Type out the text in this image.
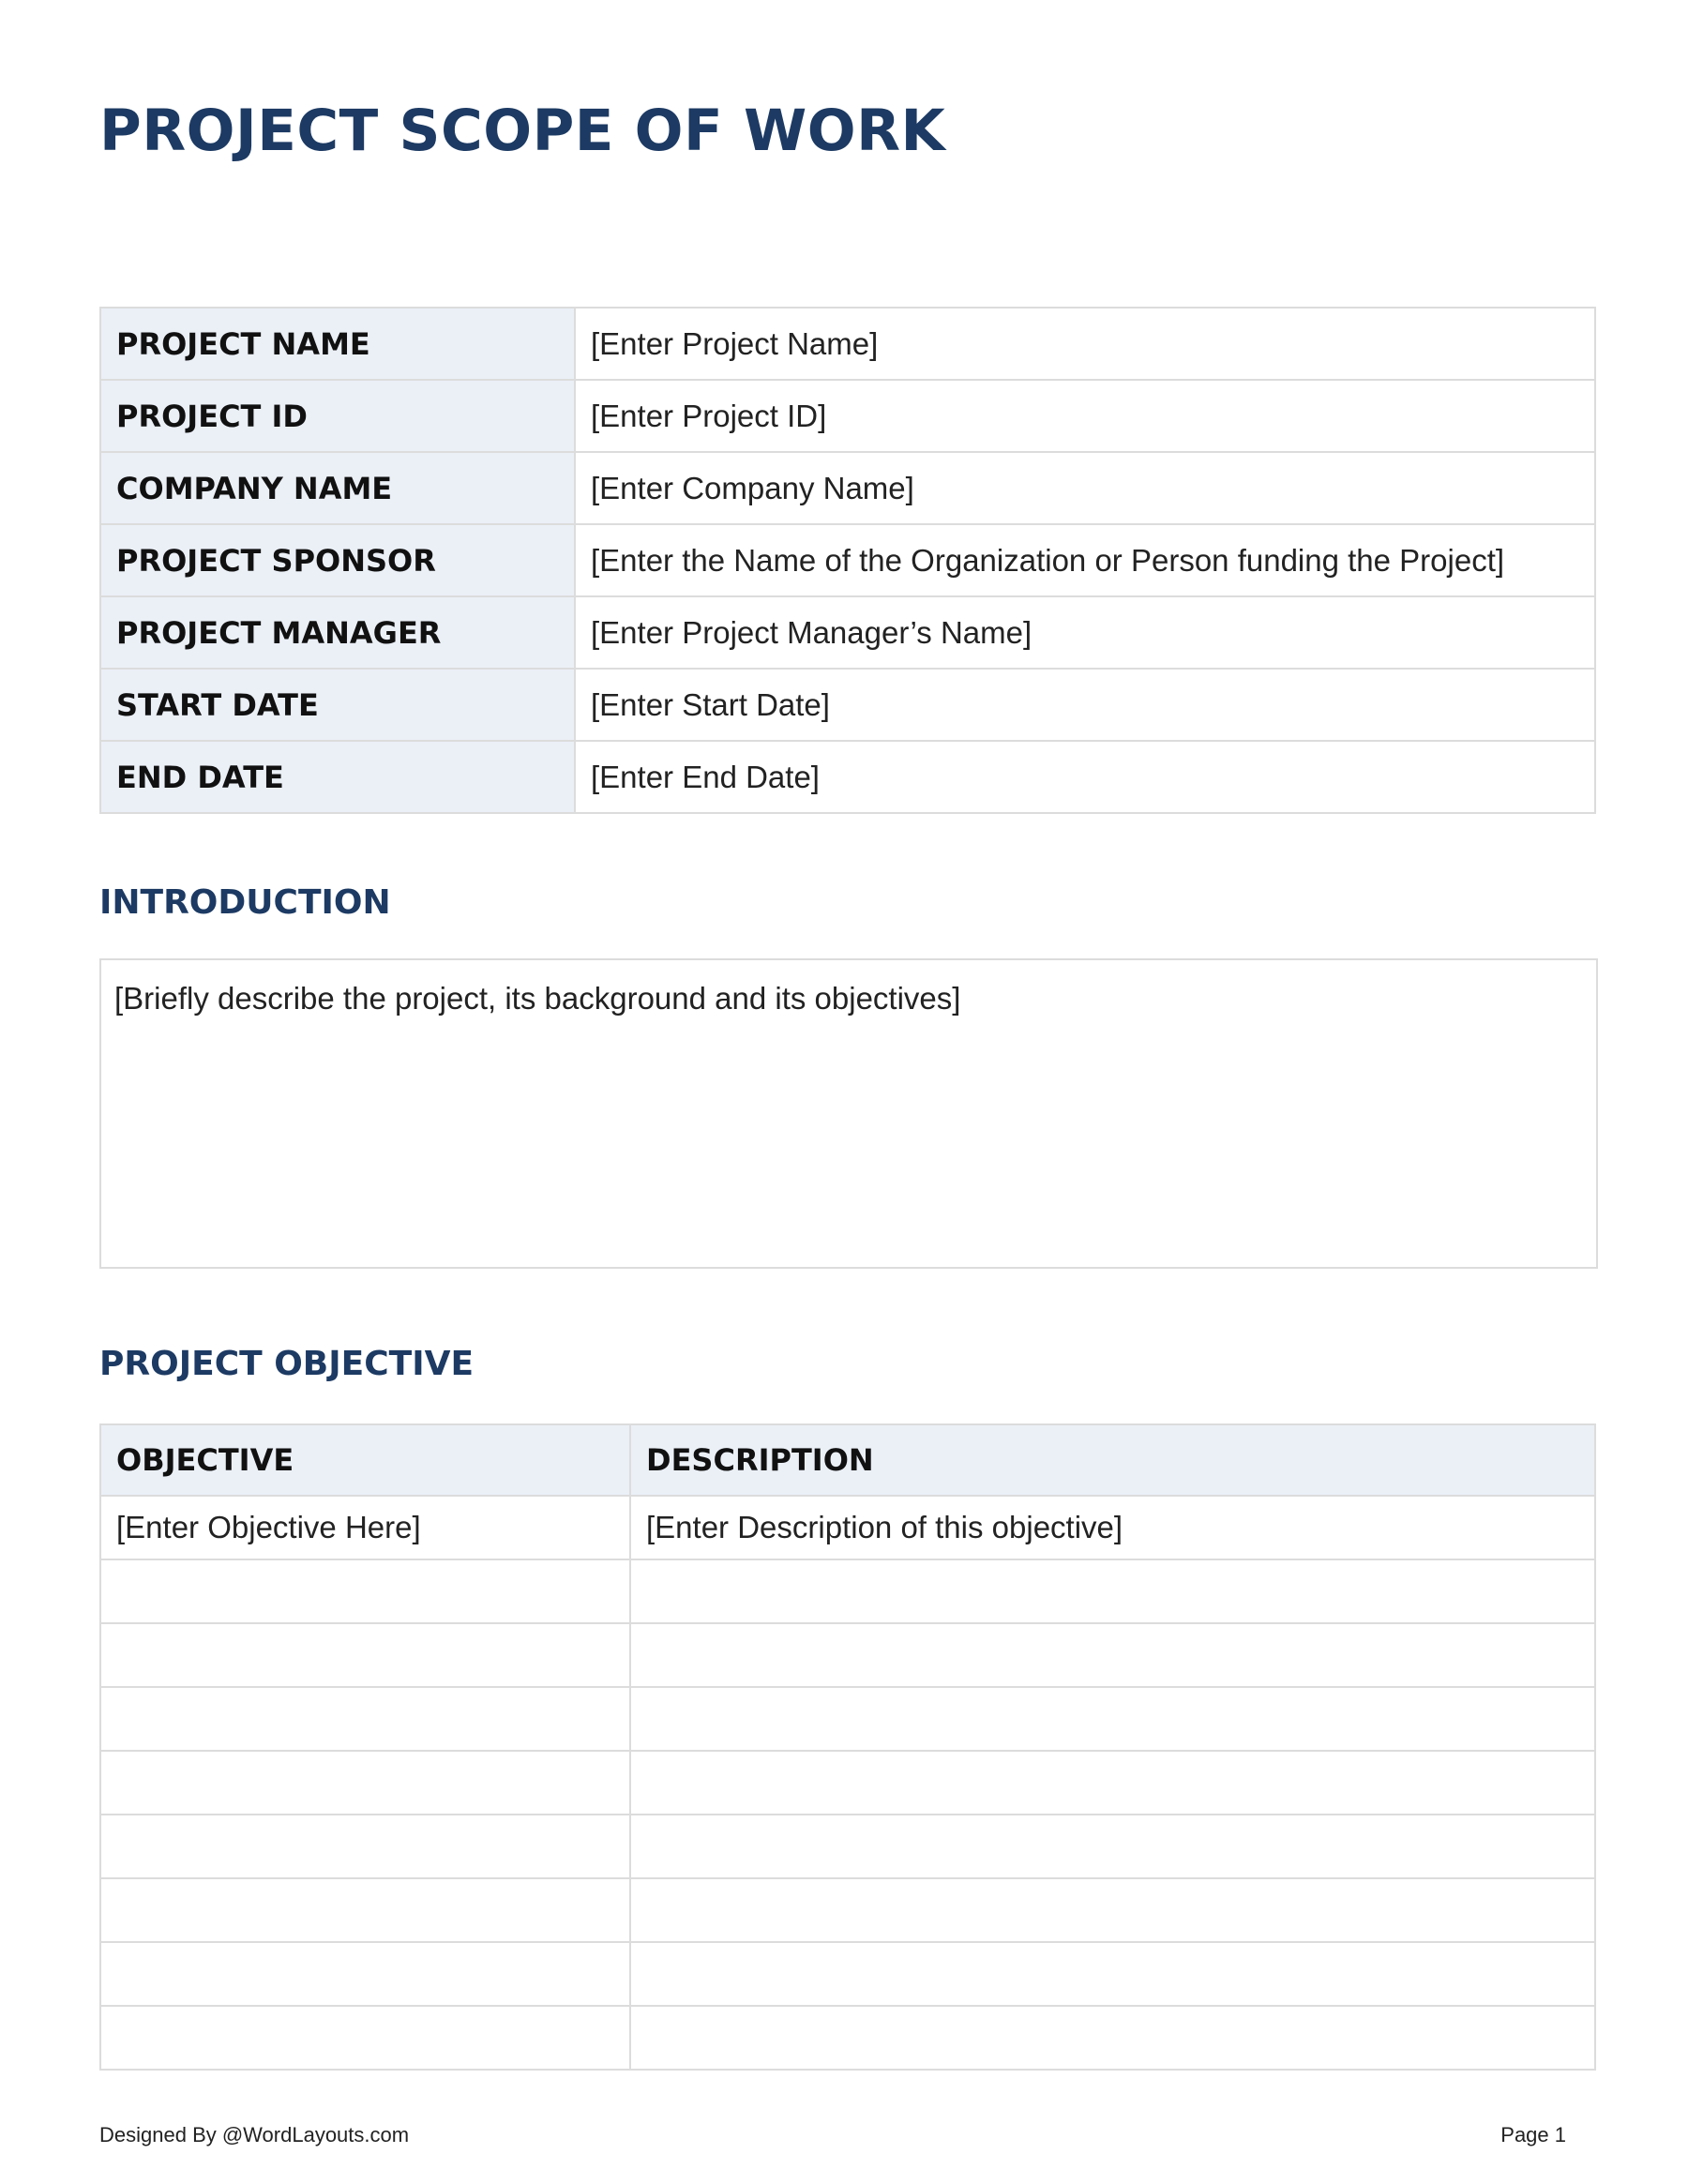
PROJECT SCOPE OF WORK
PROJECT NAME	[Enter Project Name]
PROJECT ID	[Enter Project ID]
COMPANY NAME	[Enter Company Name]
PROJECT SPONSOR	[Enter the Name of the Organization or Person funding the Project]
PROJECT MANAGER	[Enter Project Manager’s Name]
START DATE	[Enter Start Date]
END DATE	[Enter End Date]
INTRODUCTION
[Briefly describe the project, its background and its objectives]
PROJECT OBJECTIVE
OBJECTIVE	DESCRIPTION
[Enter Objective Here]	[Enter Description of this objective]

Designed By @WordLayouts.com	Page 1
